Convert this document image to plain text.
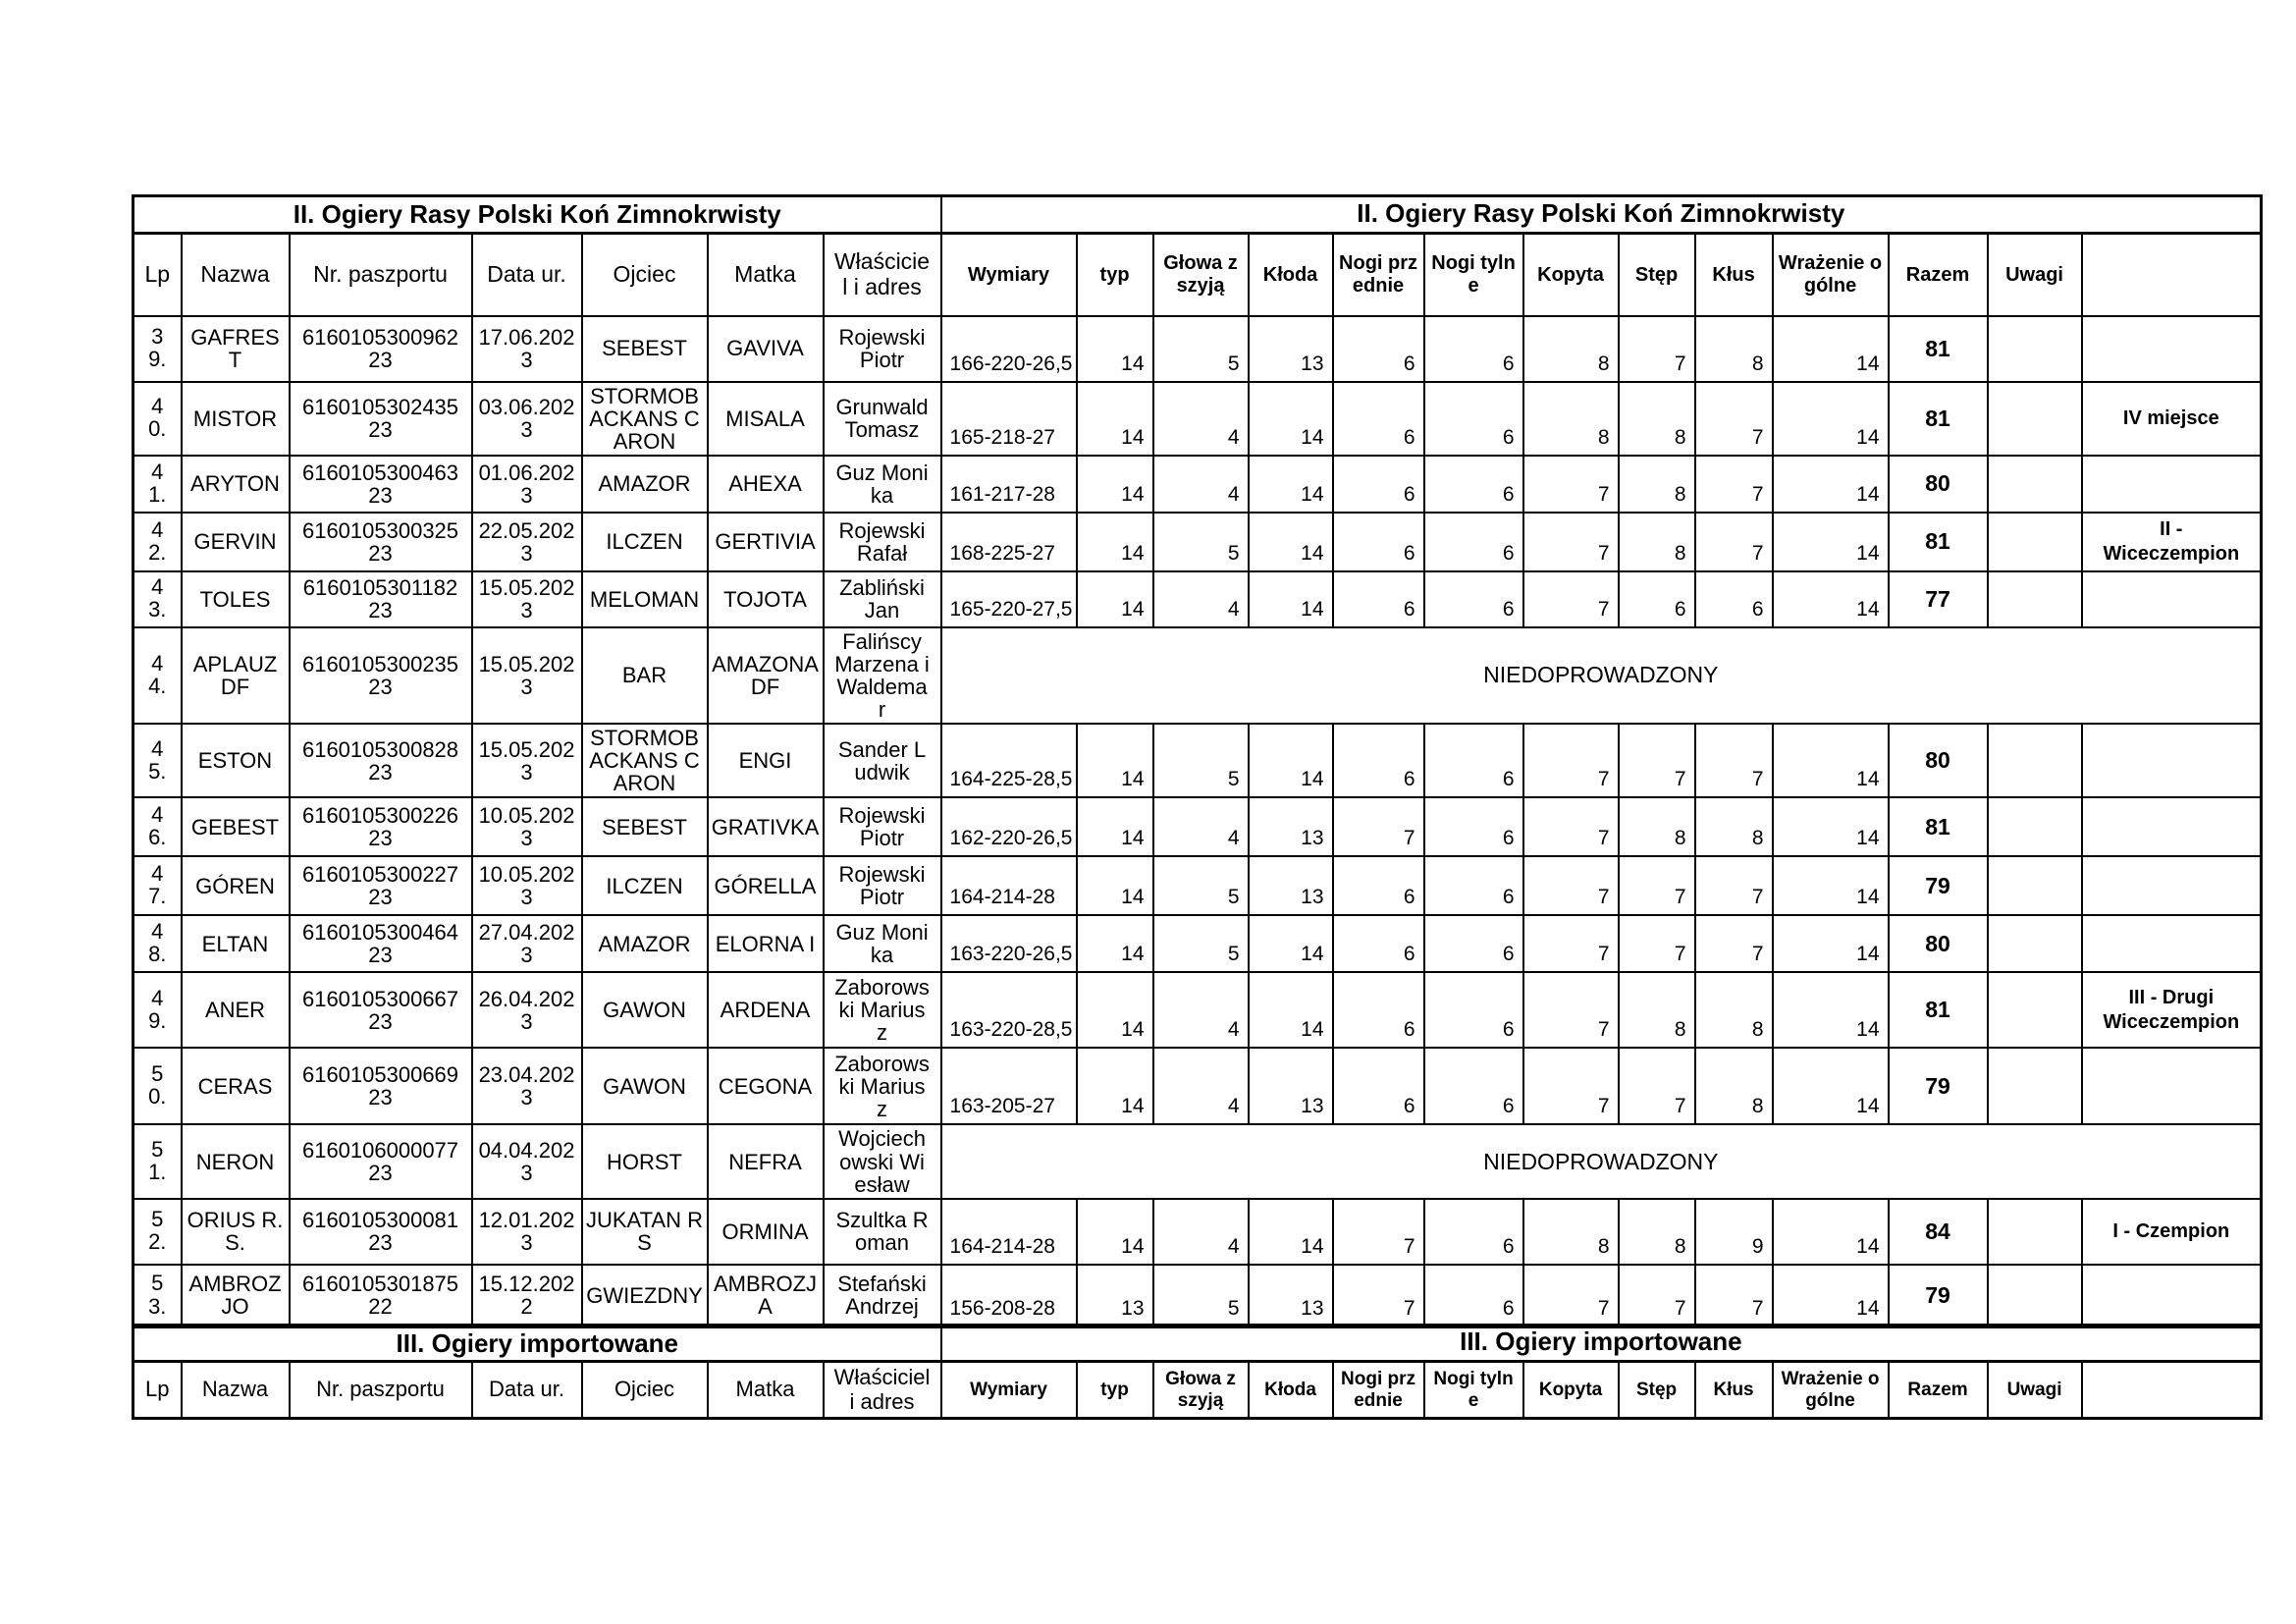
II. Ogiery Rasy Polski Koń Zimnokrwisty							II. Ogiery Rasy Polski Koń Zimnokrwisty												
Lp	Nazwa	Nr. paszportu	Data ur.	Ojciec	Matka	Właściciel i adres	Wymiary	typ	Głowa z szyją	Kłoda	Nogi przednie	Nogi tylne	Kopyta	Stęp	Kłus	Wrażenie ogólne	Razem	Uwagi	
39.	GAFREST	616010530096223	17.06.2023	SEBEST	GAVIVA	Rojewski Piotr	166-220-26,5	14	5	13	6	6	8	7	8	14	81		
40.	MISTOR	616010530243523	03.06.2023	STORMOBACKANS CARON	MISALA	Grunwald Tomasz	165-218-27	14	4	14	6	6	8	8	7	14	81		IV miejsce
41.	ARYTON	616010530046323	01.06.2023	AMAZOR	AHEXA	Guz Monika	161-217-28	14	4	14	6	6	7	8	7	14	80		
42.	GERVIN	616010530032523	22.05.2023	ILCZEN	GERTIVIA	Rojewski Rafał	168-225-27	14	5	14	6	6	7	8	7	14	81		II - Wiceczempion
43.	TOLES	616010530118223	15.05.2023	MELOMAN	TOJOTA	Zabliński Jan	165-220-27,5	14	4	14	6	6	7	6	6	14	77		
44.	APLAUZ DF	616010530023523	15.05.2023	BAR	AMAZONA DF	Falińscy Marzena i Waldemar	NIEDOPROWADZONY												
45.	ESTON	616010530082823	15.05.2023	STORMOBACKANS CARON	ENGI	Sander Ludwik	164-225-28,5	14	5	14	6	6	7	7	7	14	80		
46.	GEBEST	616010530022623	10.05.2023	SEBEST	GRATIVKA	Rojewski Piotr	162-220-26,5	14	4	13	7	6	7	8	8	14	81		
47.	GÓREN	616010530022723	10.05.2023	ILCZEN	GÓRELLA	Rojewski Piotr	164-214-28	14	5	13	6	6	7	7	7	14	79		
48.	ELTAN	616010530046423	27.04.2023	AMAZOR	ELORNA I	Guz Monika	163-220-26,5	14	5	14	6	6	7	7	7	14	80		
49.	ANER	616010530066723	26.04.2023	GAWON	ARDENA	Zaborowski Mariusz	163-220-28,5	14	4	14	6	6	7	8	8	14	81		III - Drugi Wiceczempion
50.	CERAS	616010530066923	23.04.2023	GAWON	CEGONA	Zaborowski Mariusz	163-205-27	14	4	13	6	6	7	7	8	14	79		
51.	NERON	616010600007723	04.04.2023	HORST	NEFRA	Wojciechowski Wiesław	NIEDOPROWADZONY												
52.	ORIUS R.S.	616010530008123	12.01.2023	JUKATAN RS	ORMINA	Szultka Roman	164-214-28	14	4	14	7	6	8	8	9	14	84		I - Czempion
53.	AMBROZJO	616010530187522	15.12.2022	GWIEZDNY	AMBROZJA	Stefański Andrzej	156-208-28	13	5	13	7	6	7	7	7	14	79		
III. Ogiery importowane							III. Ogiery importowane												
Lp	Nazwa	Nr. paszportu	Data ur.	Ojciec	Matka	Właściciel i adres	Wymiary	typ	Głowa z szyją	Kłoda	Nogi przednie	Nogi tylne	Kopyta	Stęp	Kłus	Wrażenie ogólne	Razem	Uwagi	
